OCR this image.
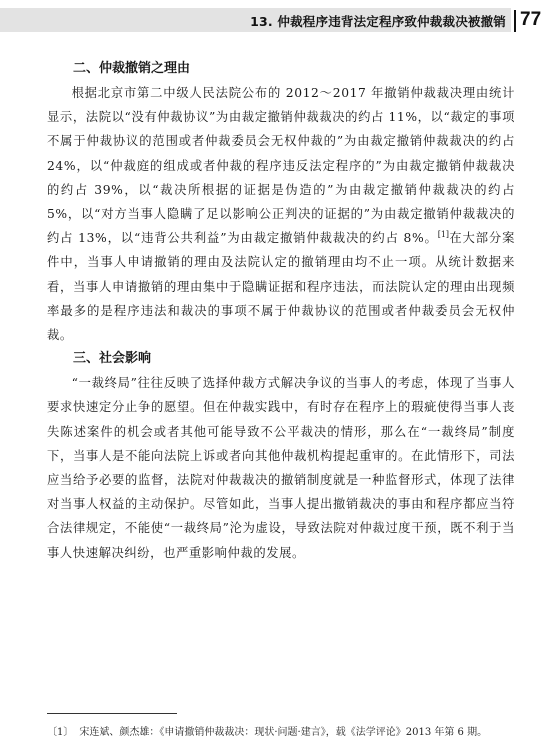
13. 仲裁程序违背法定程序致仲裁裁决被撤销 77
二、仲裁撤销之理由

根据北京市第二中级人民法院公布的 2012～2017 年撤销仲裁裁决理由统计显示，法院以“没有仲裁协议”为由裁定撤销仲裁裁决的约占 11%，以“裁定的事项不属于仲裁协议的范围或者仲裁委员会无权仲裁的”为由裁定撤销仲裁裁决的约占 24%，以“仲裁庭的组成或者仲裁的程序违反法定程序的”为由裁定撤销仲裁裁决的约占 39%，以“裁决所根据的证据是伪造的”为由裁定撤销仲裁裁决的约占 5%，以“对方当事人隐瞒了足以影响公正判决的证据的”为由裁定撤销仲裁裁决的约占 13%，以“违背公共利益”为由裁定撤销仲裁裁决的约占 8%。[1]在大部分案件中，当事人申请撤销的理由及法院认定的撤销理由均不止一项。从统计数据来看，当事人申请撤销的理由集中于隐瞒证据和程序违法，而法院认定的理由出现频率最多的是程序违法和裁决的事项不属于仲裁协议的范围或者仲裁委员会无权仲裁。

三、社会影响

“一裁终局”往往反映了选择仲裁方式解决争议的当事人的考虑，体现了当事人要求快速定分止争的愿望。但在仲裁实践中，有时存在程序上的瑕疵使得当事人丧失陈述案件的机会或者其他可能导致不公平裁决的情形，那么在“一裁终局”制度下，当事人是不能向法院上诉或者向其他仲裁机构提起重审的。在此情形下，司法应当给予必要的监督，法院对仲裁裁决的撤销制度就是一种监督形式，体现了法律对当事人权益的主动保护。尽管如此，当事人提出撤销裁决的事由和程序都应当符合法律规定，不能使“一裁终局”沦为虚设，导致法院对仲裁过度干预，既不利于当事人快速解决纠纷，也严重影响仲裁的发展。

〔1〕 宋连斌、颜杰雄：《申请撤销仲裁裁决：现状·问题·建言》，载《法学评论》2013 年第 6 期。
